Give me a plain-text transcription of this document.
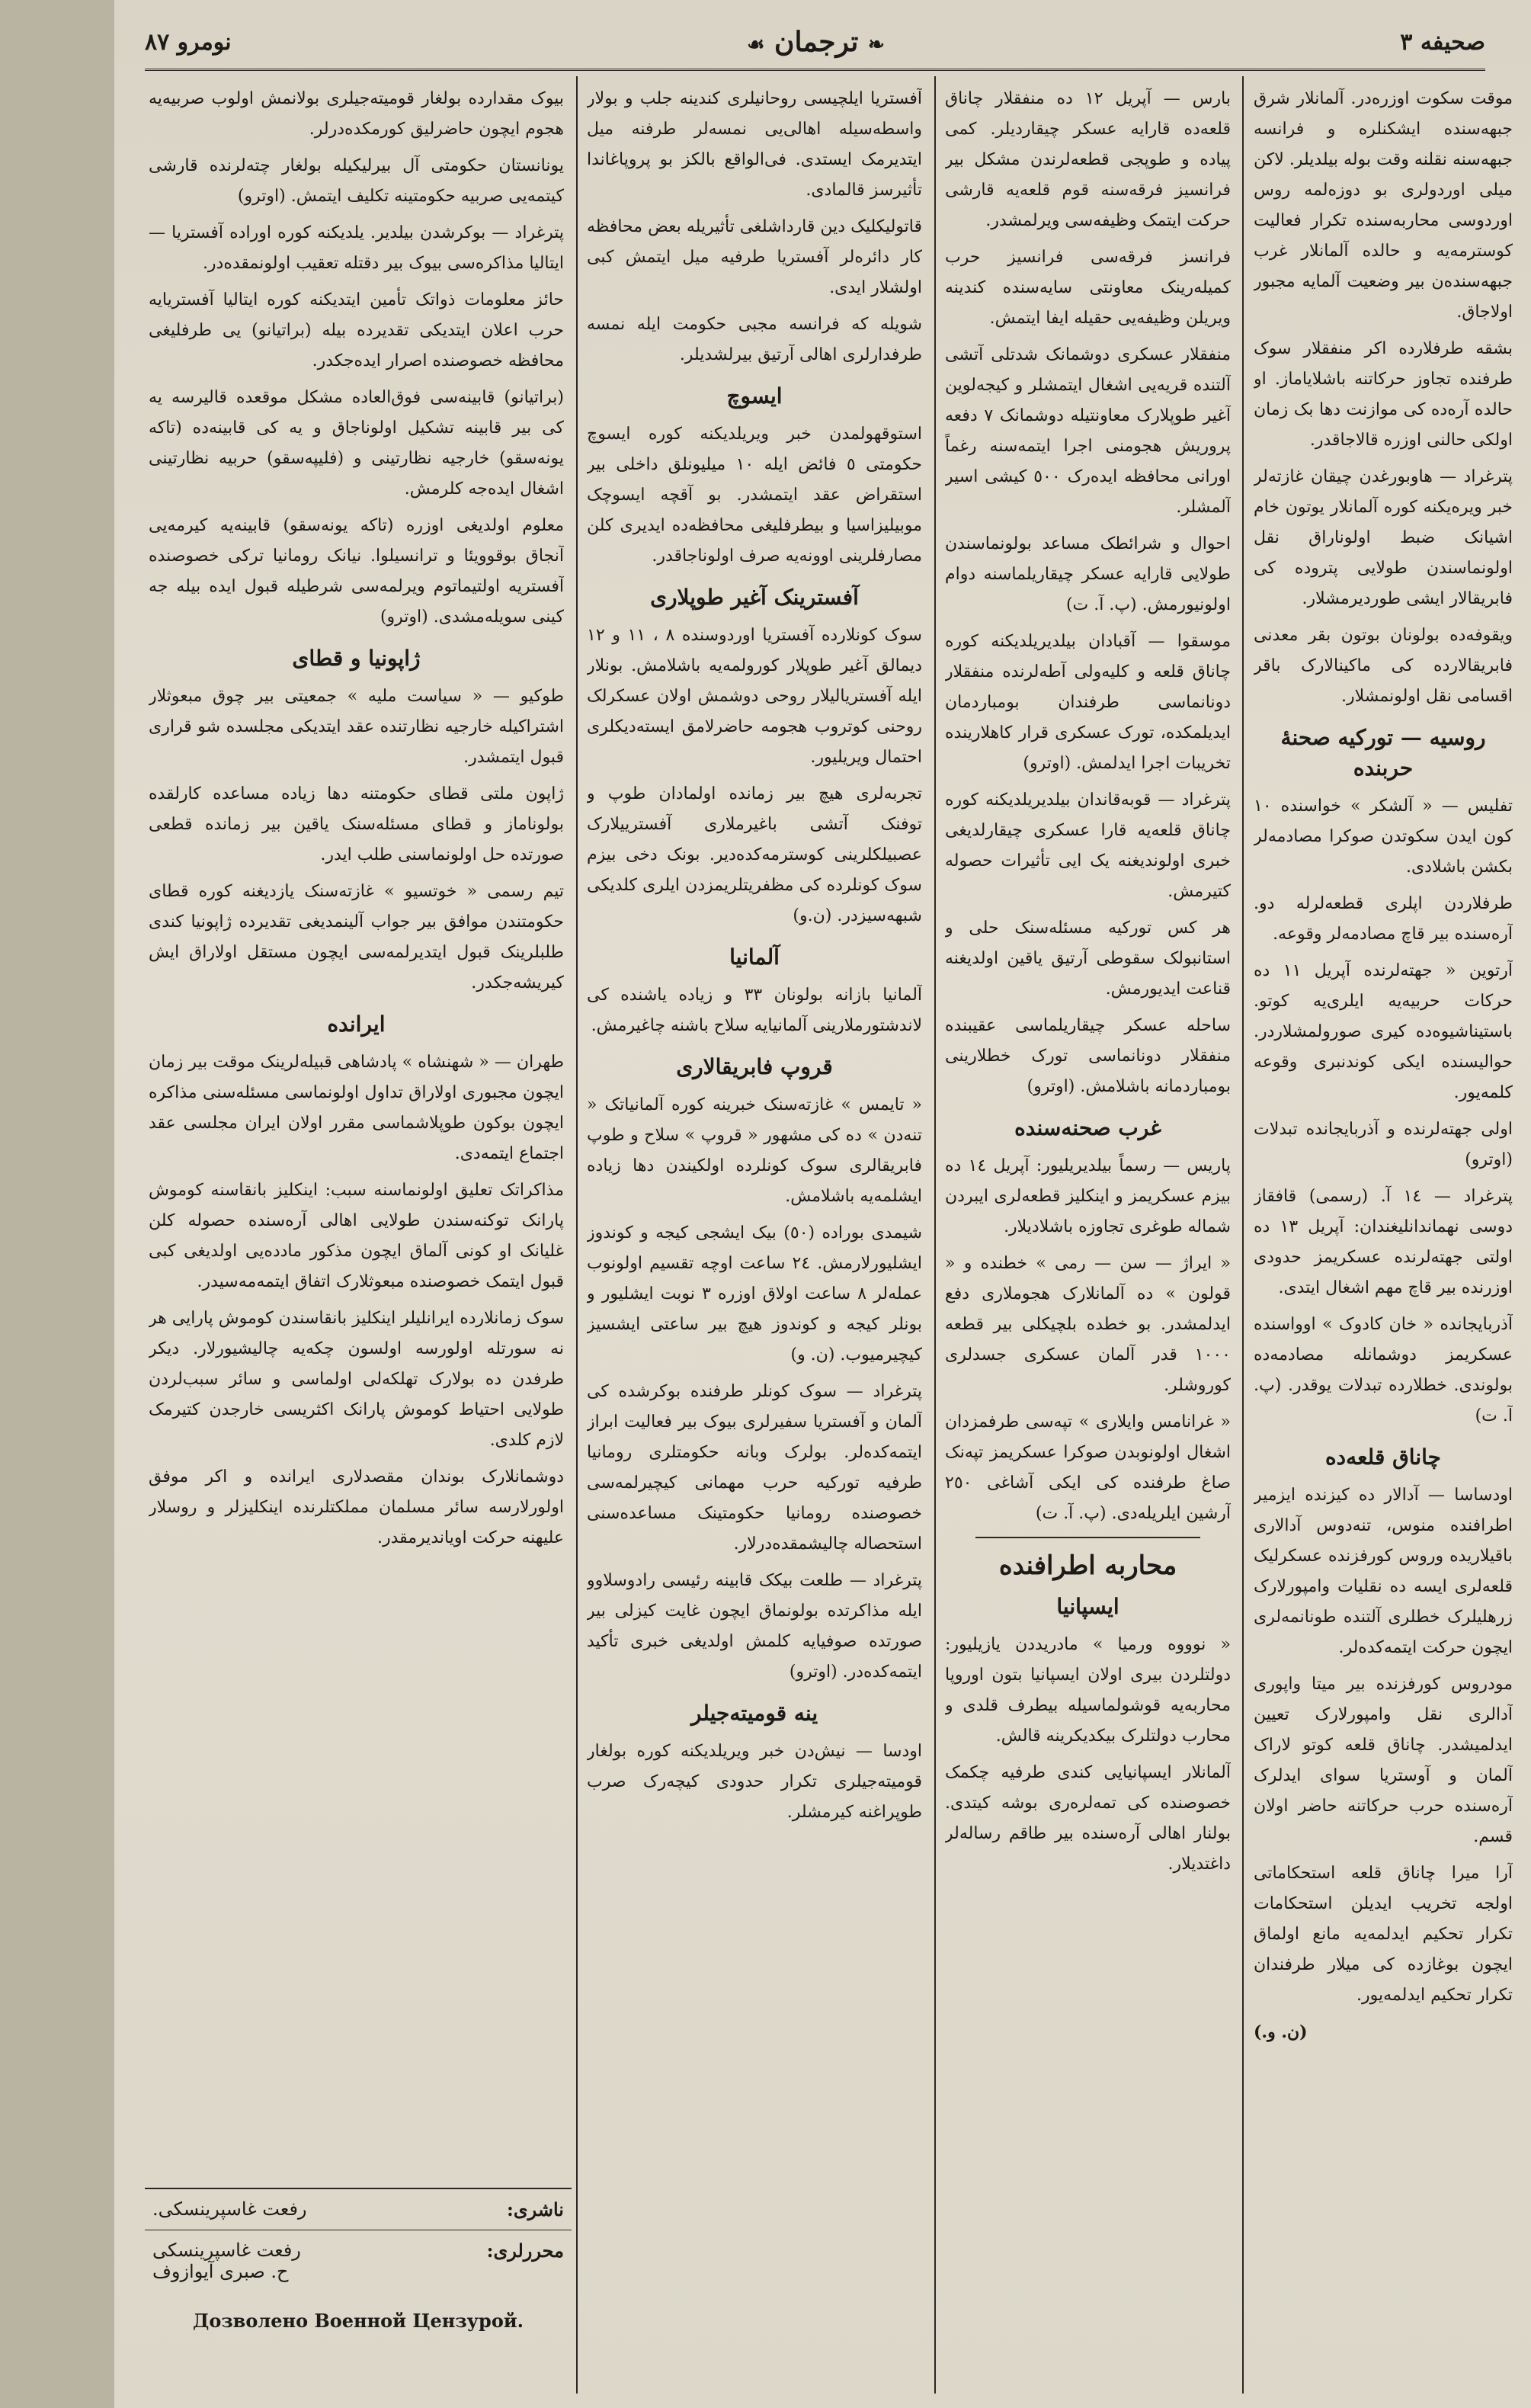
نومرو ٨٧	❧ ترجمان ☙	صحيفه ٣

موقت سکوت اوزره‌در. آلمانلار شرق جبهه‌سنده ایشکنلره و فرانسه جبهه‌سنه نقلنه وقت بوله بیلدیلر. لاکن میلی اوردولری بو دوزه‌لمه روس اوردوسی محاربه‌سنده تکرار فعالیت کوسترمه‌یه و حالده آلمانلار غرب جبهه‌سنده‌ن بیر وضعیت آلمایه مجبور اولاجاق.

بشقه طرفلارده اکر منفقلار سوک طرفنده تجاوز حرکاتنه باشلایاماز. او حالده آره‌ده کی موازنت دها بک زمان اولکی حالنی اوزره قالاجاقدر.

پترغراد — هاوبورغدن چیقان غازته‌لر خبر ویره‌یکنه کوره آلمانلار یوتون خام اشیانک ضبط اولوناراق نقل اولونماسندن طولایی پترو‌ده کی فابریقالار ایشی طورد‌یرمشلار.

ویقوفه‌ده بولونان بوتون بقر معدنی فابریقالارده کی ماکینالارک باقر اقسامی نقل اولونمشلار.

روسیه — تورکیه صحنهٔ حربنده

تفلیس — « آلشکر » خواسنده ١٠ کون ایدن سکوتدن صوکرا مصادمه‌لر بکشن باشلادی.

طرفلاردن اپلری قطعه‌لرله دو. آره‌سنده بیر قاچ مصادمه‌لر وقوعه.

آرتوین « جهته‌لرنده آپریل ١١ ده حرکات حربیه‌یه ایلری‌یه کوتو. باستیناشیوه‌ده کیری صورولمشلاردر. حوالیسنده ایکی کوندنبری وقوعه کلمه‌یور.

اولی جهته‌لرنده و آذربایجانده تبدلات (اوترو)

پترغراد — ١٤ آ. (رسمی) قافقاز دوسی نهماندانلیغندان: آپریل ١٣ ده اولتی جهته‌لرنده عسکریمز حدودی اوزرنده بیر قاچ مهم اشغال ایتدی.

آذربایجانده « خان کادوک » اوواسنده عسکریمز دوشمانله مصادمه‌ده بولوندی. خطلارده تبدلات یوقدر. (پ. آ. ت)

چاناق قلعه‌ده

اودساسا — آدالار ده کیزنده ایزمیر اطرافنده منوس، تنه‌دوس آدالاری باقیلاریده وروس کورفزنده عسکرلیک قلعه‌لری ایسه ده نقلیات وامپورلارک زرهلیلرک خطلری آلتنده طونانمه‌لری ایچون حرکت ایتمه‌کده‌لر.

مودروس کورفزنده بیر میتا واپوری آدالری نقل وامپورلارک تعیین ایدلمیشدر. چاناق قلعه کوتو لاراک آلمان و آوستریا سوای ایدلرک آره‌سنده حرب حرکاتنه حاضر اولان قسم.

آرا میرا چاناق قلعه استحکاماتی اولجه تخریب ایدیلن استحکامات تکرار تحکیم ایدلمه‌یه مانع اولماق ایچون بوغازده کی میلار طرفندان تکرار تحکیم ایدلمه‌یور.

(ن. و.)

بارس — آپریل ١٢ ده منفقلار چاناق قلعه‌ده قارایه عسکر چیقاردیلر. کمی پیاده و طوپجی قطعه‌لرندن مشکل بیر فرانسیز فرقه‌سنه قوم قلعه‌یه قارشی حرکت ایتمک وظیفه‌سی ویرلمشدر.

فرانسز فرقه‌سی فرانسیز حرب کمیله‌رینک معاونتی سایه‌سنده کندینه ویریلن وظیفه‌یی حقیله ایفا ایتمش.

منفقلار عسکری دوشمانک شدتلی آتشی آلتنده قریه‌یی اشغال ایتمشلر و کیجه‌لوین آغیر طوپلارک معاونتیله دوشمانک ٧ دفعه پروریش هجومنی اجرا ایتمه‌سنه رغماً اورانی محافظه ایده‌رک ٥٠٠ کیشی اسیر آلمشلر.

احوال و شرائطک مساعد بولونماسندن طولایی قارایه عسکر چیقاریلماسنه دوام اولونیورمش. (پ. آ. ت)

موسقوا — آقبادان بیلدیریلدیکنه کوره چاناق قلعه و کلیه‌‌ولی آطه‌لرنده منفقلار دونانماسی طرفندان بومباردمان ایدیلمکده، تورک عسکری قرار کاهلارینده تخریبات اجرا ایدلمش. (اوترو)

پترغراد — قوبه‌‌قاندان بیلدیریلدیکنه کوره چاناق قلعه‌یه قارا عسکری چیقارلدیغی خبری اولوندیغنه یک ایی تأثیرات حصوله کتیرمش.

هر کس تورکیه مسئله‌سنک حلی و استانبولک سقوطی آرتیق یاقین اولدیغنه قناعت ایدیورمش.

ساحله عسکر چیقاریلماسی عقیبنده منفقلار دونانماسی تورک خطلارینی بومباردمانه باشلامش. (اوترو)

غرب صحنه‌سنده

پاریس — رسماً بیلدیریلیور: آپریل ١٤ ده بیزم عسکریمز و اینکلیز قطعه‌لری ایبردن شماله طوغری تجاوزه باشلادیلار.

« ایراژ — سن — رمی » خطنده و « قولون » ده آلمانلارک هجوملاری دفع ایدلمشدر. بو خطده بلچیکلی بیر قطعه ١٠٠٠ قدر آلمان عسکری جسدلری کوروشلر.

« غرانامس وایلاری » تپه‌سی طرفمزدان اشغال اولونوبدن صوکرا عسکریمز تپه‌نک صاغ طرفنده کی ایکی آشاغی ٢٥٠ آرشین ایلریله‌دی. (پ. آ. ت)

محاربه اطرافنده
ایسپانیا

« نوووه ورمیا » مادریددن یازیلیور: دولتلردن بیری اولان ایسپانیا بتون اوروپا محاربه‌یه قوشولماسیله بیطرف قلدی و محارب دولتلرک بیکدیکرینه قالش.

آلمانلار ایسپانیایی کندی طرفیه چکمک خصوصنده کی تمه‌لره‌ری بوشه کیتدی. بولنار اهالی آره‌سنده بیر طاقم رساله‌لر داغتدیلار.

آفستریا ایلچیسی روحانیلری کندینه جلب و بولار واسطه‌سیله اهالی‌یی نمسه‌لر طرفنه میل ایتدیرمک ایستدی. فی‌الواقع بالکز بو پروپاغاندا تأثیرسز قالمادی.

قاتولیکلیک دین قاردا‌شلغی تأثیریله بعض محافظه کار دائره‌لر آفستریا طرفیه میل ایتمش کبی اولشلار ایدی.

شویله که فرانسه مجبی حکومت ایله نمسه طرفدارلری اهالی آرتیق بیرلشدیلر.

ایسوچ

استوقهولمدن خبر ویریلدیکنه کوره ایسوچ حکومتی ٥ فائض ایله ١٠ میلیونلق داخلی بیر استقراض عقد ایتمشدر. بو آقچه ایسوچک موبیلیزاسیا و بیطرفلیغی محافظه‌ده ایدیری کلن مصارفلرینی اوونه‌یه صرف اولوناجاقدر.

آفسترینک آغیر طوپلاری

سوک کونلارده آفستریا اوردوسنده ٨ ، ١١ و ١٢ دیمالق آغیر طوپلار کورولمه‌یه باشلامش. بونلار ایله آفستریالیلار روحی دوشمش اولان عسکرلک روحنی کوتروب هجومه حاضرلامق ایسته‌دیکلری احتمال ویریلیور.

تجربه‌لری هیچ بیر زمانده اولمادان طوپ و توفنک آتشی باغیرملاری آفسترییلارک عصبیلکلرینی کوسترمه‌کده‌دیر. بونک دخی بیزم سوک کونلرده کی مظفریتلریمزدن ایلری کلدیکی شبهه‌سیزدر. (ن.و)

آلمانیا

آلمانیا بازانه بولونان ٣٣ و زیاده یاشنده کی لاندشتورملارینی آلمانیایه سلاح باشنه چاغیرمش.

قروپ فابریقالاری

« تایمس » غازته‌سنک خبرینه کوره آلمانیاتک « تنه‌دن » ده کی مشهور « قروپ » سلاح و طوپ فابریقالری سوک کونلرده اولکیندن دها زیاده ایشلمه‌یه باشلامش.

شیمدی بوراده (٥٠) بیک ایشجی کیجه و کوندوز ایشلیورلارمش. ٢٤ ساعت اوچه تقسیم اولونوب عمله‌لر ٨ ساعت اولاق اوزره ٣ نوبت ایشلیور و بونلر کیجه و کوندوز هیچ بیر ساعتی ایشسیز کیچیرمیوب. (ن. و)

پترغراد — سوک کونلر طرفنده بوکرشده کی آلمان و آفستریا سفیرلری بیوک بیر فعالیت ابراز ایتمه‌کده‌لر. بولرک وبانه حکومتلری رومانیا طرفیه تورکیه حرب مهمانی کیچیرلمه‌سی خصوصنده رومانیا حکومتینک مساعده‌سنی استحصاله چالیشمقده‌درلار.

پترغراد — طلعت بیکک قابینه رئیسی رادوسلاوو ایله مذاکرتده بولونماق ایچون غایت کیزلی بیر صورتده صوفیایه کلمش اولدیغی خبری تأکید ایتمه‌کده‌در. (اوترو)

ینه قومیته‌جیلر

اودسا — نیش‌دن خبر ویریلدیکنه کوره بولغار قومیته‌جیلری تکرار حدودی کیچه‌رک صرب طوپراغنه کیرمشلر.

بیوک مقدارده بولغار قومیته‌جیلری بولانمش اولوب صربیه‌یه هجوم ایچون حاضرلیق کورمکده‌درلر.

یونانستان حکومتی آل بیرلیکیله بولغار چته‌لرنده قارشی کیتمه‌یی صربیه حکومتینه تکلیف ایتمش. (اوترو)

پترغراد — بوکرشدن بیلدیر. یلدیکنه کوره اوراده آفستریا — ایتالیا مذاکره‌سی بیوک بیر دقتله تعقیب اولونمقده‌در.

حائز معلومات ذواتک تأمین ایتدیکنه کوره ایتالیا آفستریایه حرب اعلان ایتدیکی تقدیرده بیله (براتیانو) یی طرفلیغی محافظه خصوصنده اصرار ایده‌جکدر.

(براتیانو) قابینه‌سی فوق‌العاده مشکل موقعده قالیرسه یه کی بیر قابینه تشکیل اولوناجاق و یه کی قابینه‌ده (تاکه یونه‌سقو) خارجیه نظارتینی و (فلیپه‌سقو) حربیه نظارتینی اشغال ایده‌جه کلرمش.

معلوم اولدیغی اوزره (تاکه یونه‌سقو) قابینه‌یه کیرمه‌یی آنجاق بوقوویئا و ترانسیلوا. نیانک رومانیا ترکی خصوصنده آفستریه اولتیماتوم ویرلمه‌سی شرطیله قبول ایده بیله جه کینی سویله‌مشدی. (اوترو)

ژاپونیا و قطای

طوکیو — « سیاست ملیه » جمعیتی بیر چوق مبعوثلار اشتراکیله خارجیه نظارتنده عقد ایتدیکی مجلسده شو قراری قبول ایتمشدر.

ژاپون ملتی قطای حکومتنه دها زیاده مساعده کارلقده بولوناماز و قطای مسئله‌سنک یاقین بیر زمانده قطعی صورتده حل اولونماسنی طلب ایدر.

تیم رسمی « خوتسیو » غازته‌سنک یازدیغنه کوره قطای حکومتندن موافق بیر جواب آلینمدیغی تقدیرده ژاپونیا کندی طلبلرینک قبول ایتدیرلمه‌سی ایچون مستقل اولاراق ایش کیریشه‌جکدر.

ایرانده

طهران — « شهنشاه » پادشاهی قبیله‌لرینک موقت بیر زمان ایچون مجبوری اولاراق تداول اولونماسی مسئله‌سنی مذاکره ایچون بوکون طوپلاشماسی مقرر اولان ایران مجلسی عقد اجتماع ایتمه‌دی.

مذاکراتک تعلیق اولونماسنه سبب: اینکلیز بانقاسنه کوموش پارانک توکنه‌سندن طولایی اهالی آره‌سنده حصوله کلن غلیانک او کونی آلماق ایچون مذکور مادده‌یی اولدیغی کبی قبول ایتمک خصوصنده مبعوثلارک اتفاق ایتمه‌مه‌سیدر.

سوک زمانلارده ایرانلیلر اینکلیز بانقاسندن کوموش پارایی هر نه سورتله اولورسه اولسون چکه‌یه چالیشیورلار. دیکر طرفدن ده بولارک تهلکه‌لی اولماسی و سائر سبب‌لردن طولایی احتیاط کوموش پارانک اکثریسی خارجدن کتیرمک لازم کلدی.

دوشمانلارک بوندان مقصدلاری ایرانده و اکر موفق اولورلارسه سائر مسلمان مملکتلرنده اینکلیزلر و روسلار علیهنه حرکت اویاندیرمقدر.

ناشری:
رفعت غاسپرینسکی.
محررلری:
رفعت غاسپرینسکی
ح. صبری آیوازوف
Дозволено Военной Цензурой.
